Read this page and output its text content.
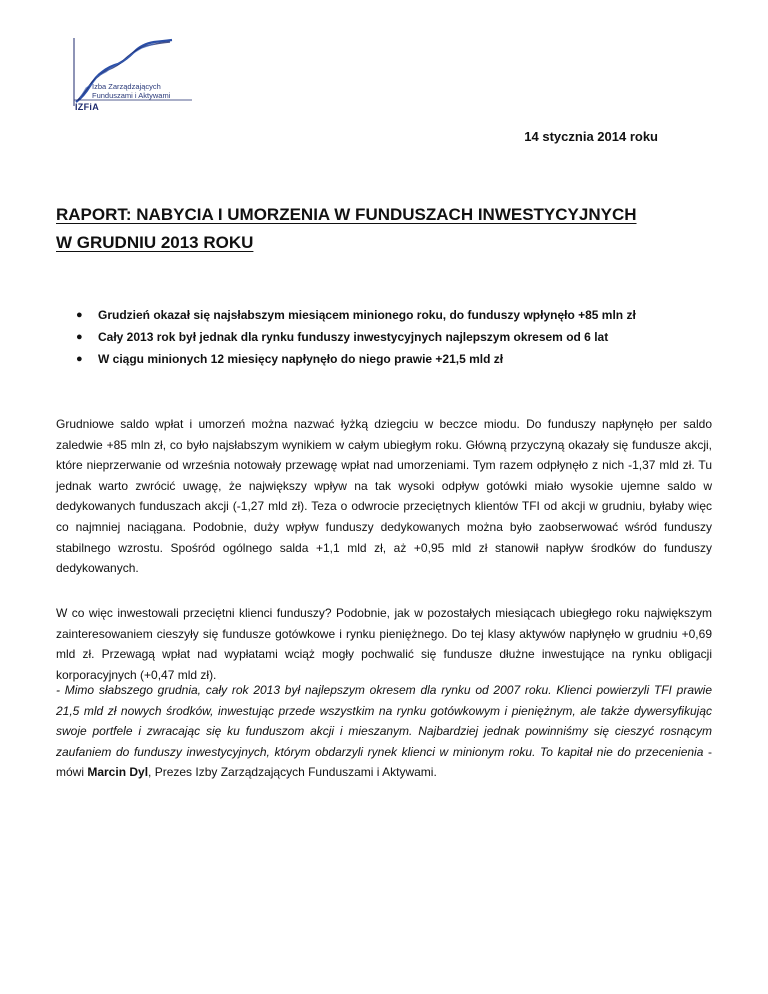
Izba Zarządzających
Funduszami i Aktywami
IZFiA
14 stycznia 2014 roku
RAPORT: NABYCIA I UMORZENIA W FUNDUSZACH INWESTYCYJNYCH
W GRUDNIU 2013 ROKU
● Grudzień okazał się najsłabszym miesiącem minionego roku, do funduszy wpłynęło +85 mln zł
● Cały 2013 rok był jednak dla rynku funduszy inwestycyjnych najlepszym okresem od 6 lat
● W ciągu minionych 12 miesięcy napłynęło do niego prawie +21,5 mld zł

Grudniowe saldo wpłat i umorzeń można nazwać łyżką dziegciu w beczce miodu. Do funduszy napłynęło per saldo zaledwie +85 mln zł, co było najsłabszym wynikiem w całym ubiegłym roku. Główną przyczyną okazały się fundusze akcji, które nieprzerwanie od września notowały przewagę wpłat nad umorzeniami. Tym razem odpłynęło z nich -1,37 mld zł. Tu jednak warto zwrócić uwagę, że największy wpływ na tak wysoki odpływ gotówki miało wysokie ujemne saldo w dedykowanych funduszach akcji (-1,27 mld zł). Teza o odwrocie przeciętnych klientów TFI od akcji w grudniu, byłaby więc co najmniej naciągana. Podobnie, duży wpływ funduszy dedykowanych można było zaobserwować wśród funduszy stabilnego wzrostu. Spośród ogólnego salda +1,1 mld zł, aż +0,95 mld zł stanowił napływ środków do funduszy dedykowanych.

W co więc inwestowali przeciętni klienci funduszy? Podobnie, jak w pozostałych miesiącach ubiegłego roku największym zainteresowaniem cieszyły się fundusze gotówkowe i rynku pieniężnego. Do tej klasy aktywów napłynęło w grudniu +0,69 mld zł. Przewagą wpłat nad wypłatami wciąż mogły pochwalić się fundusze dłużne inwestujące na rynku obligacji korporacyjnych (+0,47 mld zł).

- Mimo słabszego grudnia, cały rok 2013 był najlepszym okresem dla rynku od 2007 roku. Klienci powierzyli TFI prawie 21,5 mld zł nowych środków, inwestując przede wszystkim na rynku gotówkowym i pieniężnym, ale także dywersyfikując swoje portfele i zwracając się ku funduszom akcji i mieszanym. Najbardziej jednak powinniśmy się cieszyć rosnącym zaufaniem do funduszy inwestycyjnych, którym obdarzyli rynek klienci w minionym roku. To kapitał nie do przecenienia - mówi Marcin Dyl, Prezes Izby Zarządzających Funduszami i Aktywami.
